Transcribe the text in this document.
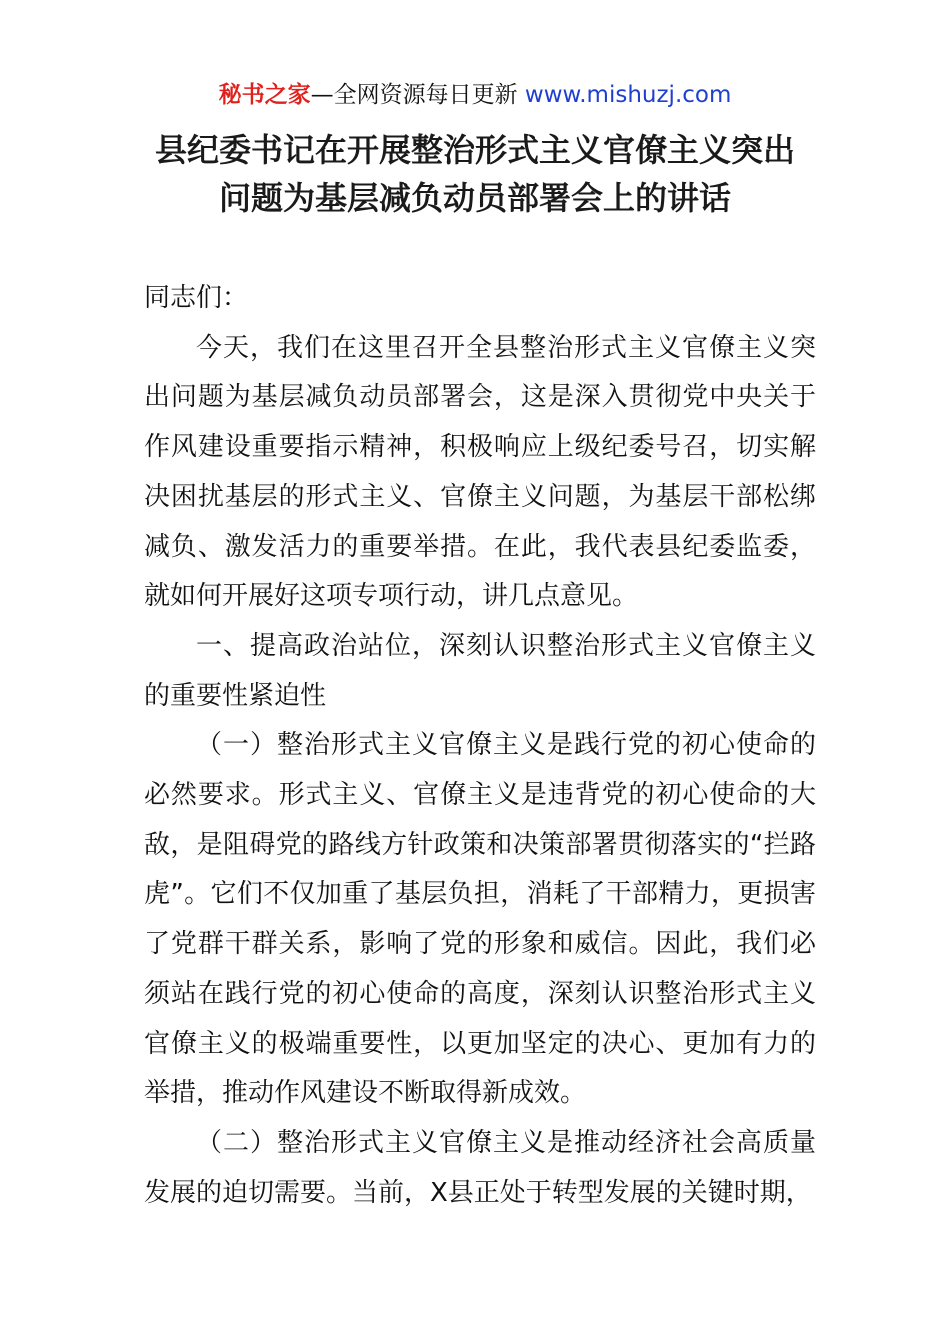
秘书之家—全网资源每日更新 www.mishuzj.com
县纪委书记在开展整治形式主义官僚主义突出
问题为基层减负动员部署会上的讲话

同志们：

今天，我们在这里召开全县整治形式主义官僚主义突出问题为基层减负动员部署会，这是深入贯彻党中央关于作风建设重要指示精神，积极响应上级纪委号召，切实解决困扰基层的形式主义、官僚主义问题，为基层干部松绑减负、激发活力的重要举措。在此，我代表县纪委监委，就如何开展好这项专项行动，讲几点意见。

一、提高政治站位，深刻认识整治形式主义官僚主义的重要性紧迫性

（一）整治形式主义官僚主义是践行党的初心使命的必然要求。形式主义、官僚主义是违背党的初心使命的大敌，是阻碍党的路线方针政策和决策部署贯彻落实的“拦路虎”。它们不仅加重了基层负担，消耗了干部精力，更损害了党群干群关系，影响了党的形象和威信。因此，我们必须站在践行党的初心使命的高度，深刻认识整治形式主义官僚主义的极端重要性，以更加坚定的决心、更加有力的举措，推动作风建设不断取得新成效。

（二）整治形式主义官僚主义是推动经济社会高质量发展的迫切需要。当前，X县正处于转型发展的关键时期，
